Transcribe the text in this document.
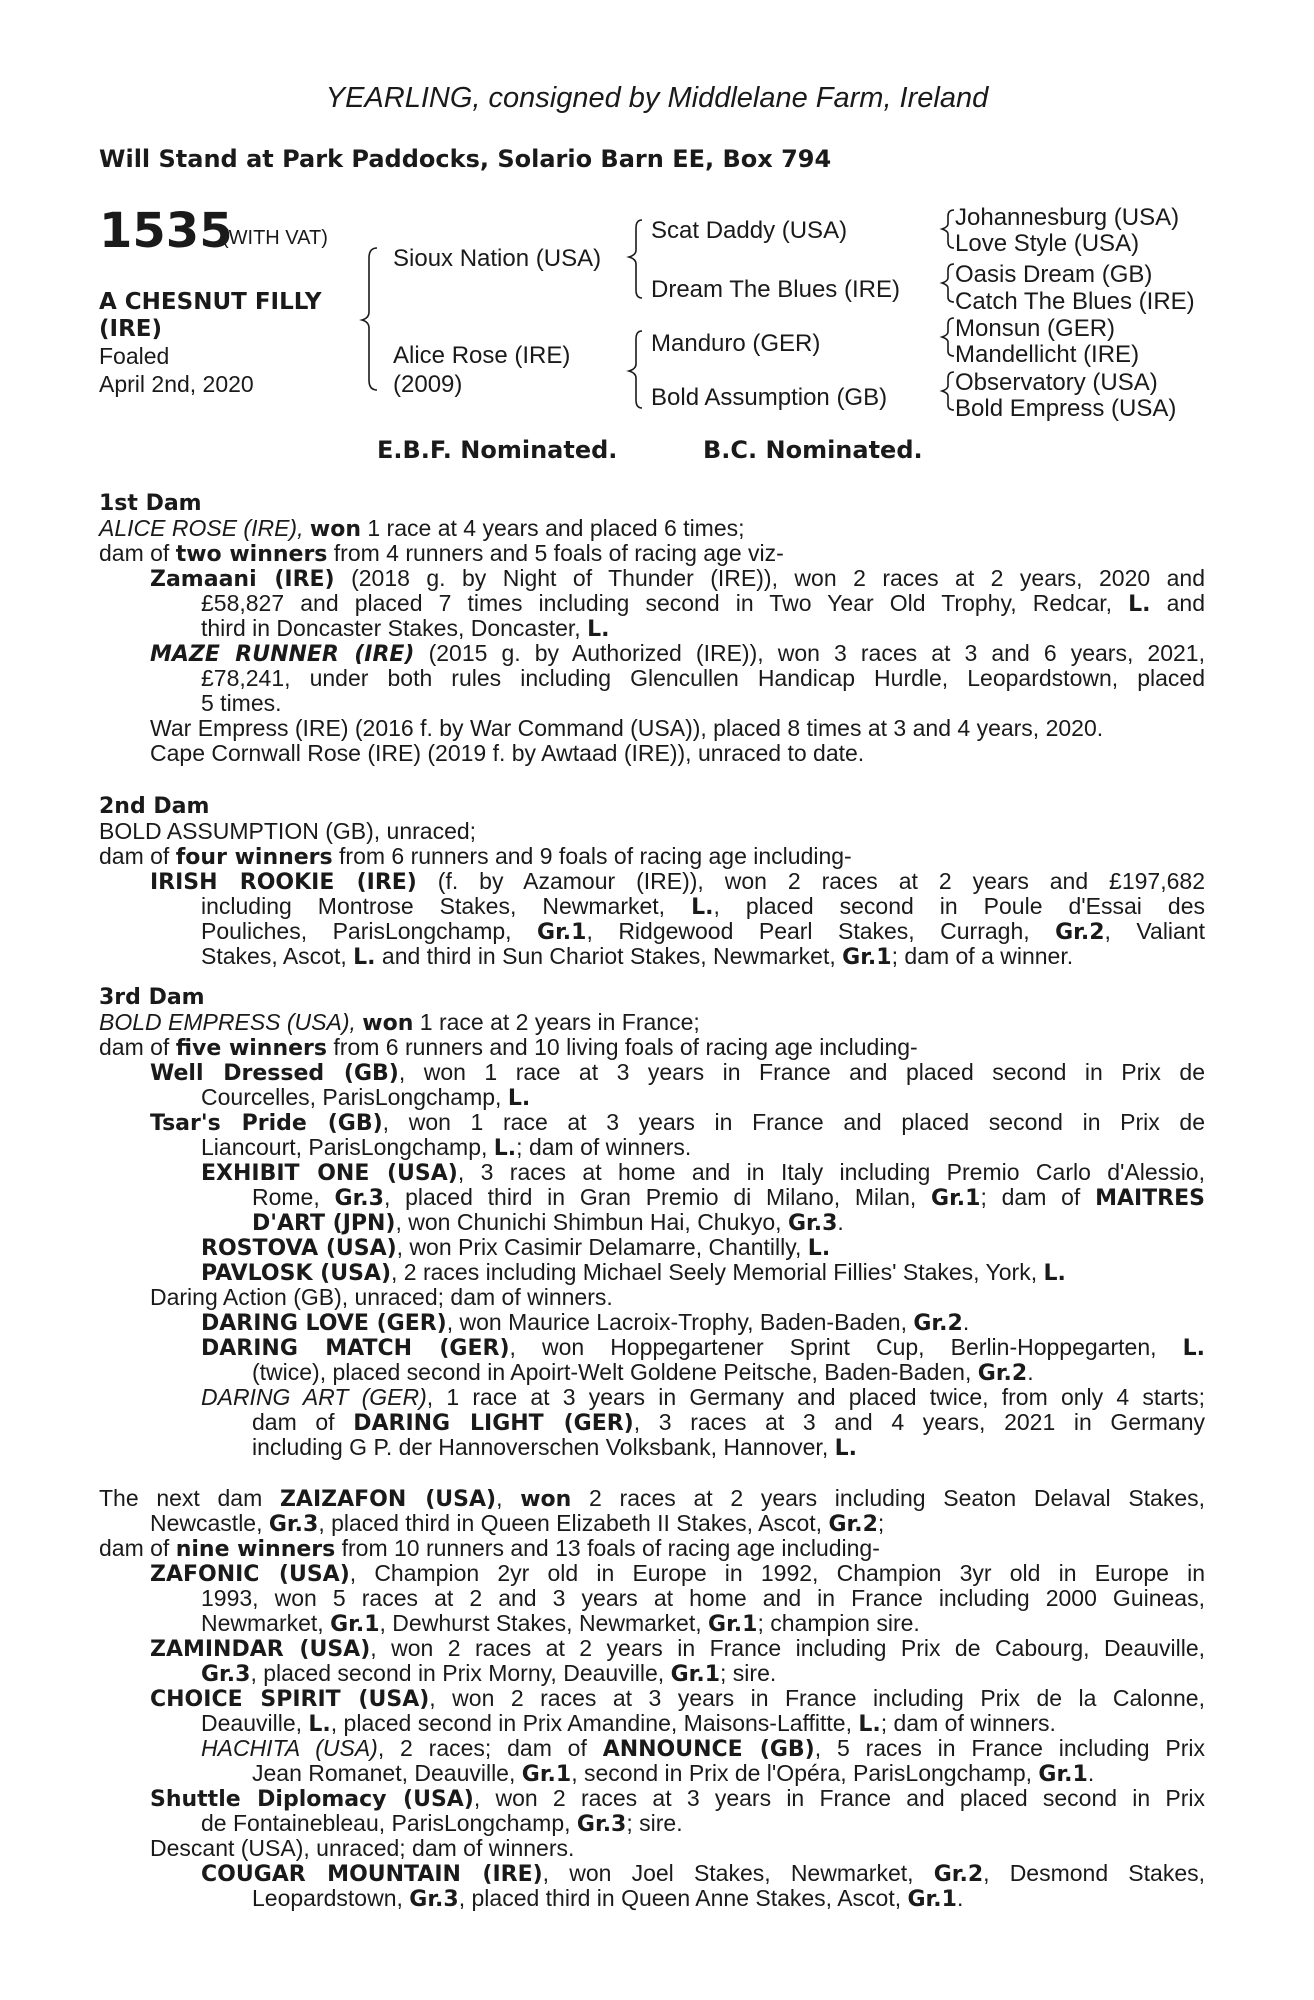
YEARLING, consigned by Middlelane Farm, Ireland
Will Stand at Park Paddocks, Solario Barn EE, Box 794
1535
(WITH VAT)
A CHESNUT FILLY
(IRE)
Foaled
April 2nd, 2020
Sioux Nation (USA)
Alice Rose (IRE)
(2009)
Scat Daddy (USA)
Dream The Blues (IRE)
Manduro (GER)
Bold Assumption (GB)
Johannesburg (USA)
Love Style (USA)
Oasis Dream (GB)
Catch The Blues (IRE)
Monsun (GER)
Mandellicht (IRE)
Observatory (USA)
Bold Empress (USA)
E.B.F. Nominated.	B.C. Nominated.
1st Dam
ALICE ROSE (IRE), won 1 race at 4 years and placed 6 times;
dam of two winners from 4 runners and 5 foals of racing age viz-
Zamaani (IRE) (2018 g. by Night of Thunder (IRE)), won 2 races at 2 years, 2020 and
£58,827 and placed 7 times including second in Two Year Old Trophy, Redcar, L. and
third in Doncaster Stakes, Doncaster, L.
MAZE RUNNER (IRE) (2015 g. by Authorized (IRE)), won 3 races at 3 and 6 years, 2021,
£78,241, under both rules including Glencullen Handicap Hurdle, Leopardstown, placed
5 times.
War Empress (IRE) (2016 f. by War Command (USA)), placed 8 times at 3 and 4 years, 2020.
Cape Cornwall Rose (IRE) (2019 f. by Awtaad (IRE)), unraced to date.
2nd Dam
BOLD ASSUMPTION (GB), unraced;
dam of four winners from 6 runners and 9 foals of racing age including-
IRISH ROOKIE (IRE) (f. by Azamour (IRE)), won 2 races at 2 years and £197,682
including Montrose Stakes, Newmarket, L., placed second in Poule d'Essai des
Pouliches, ParisLongchamp, Gr.1, Ridgewood Pearl Stakes, Curragh, Gr.2, Valiant
Stakes, Ascot, L. and third in Sun Chariot Stakes, Newmarket, Gr.1; dam of a winner.
3rd Dam
BOLD EMPRESS (USA), won 1 race at 2 years in France;
dam of five winners from 6 runners and 10 living foals of racing age including-
Well Dressed (GB), won 1 race at 3 years in France and placed second in Prix de
Courcelles, ParisLongchamp, L.
Tsar's Pride (GB), won 1 race at 3 years in France and placed second in Prix de
Liancourt, ParisLongchamp, L.; dam of winners.
EXHIBIT ONE (USA), 3 races at home and in Italy including Premio Carlo d'Alessio,
Rome, Gr.3, placed third in Gran Premio di Milano, Milan, Gr.1; dam of MAITRES
D'ART (JPN), won Chunichi Shimbun Hai, Chukyo, Gr.3.
ROSTOVA (USA), won Prix Casimir Delamarre, Chantilly, L.
PAVLOSK (USA), 2 races including Michael Seely Memorial Fillies' Stakes, York, L.
Daring Action (GB), unraced; dam of winners.
DARING LOVE (GER), won Maurice Lacroix-Trophy, Baden-Baden, Gr.2.
DARING MATCH (GER), won Hoppegartener Sprint Cup, Berlin-Hoppegarten, L.
(twice), placed second in Apoirt-Welt Goldene Peitsche, Baden-Baden, Gr.2.
DARING ART (GER), 1 race at 3 years in Germany and placed twice, from only 4 starts;
dam of DARING LIGHT (GER), 3 races at 3 and 4 years, 2021 in Germany
including G P. der Hannoverschen Volksbank, Hannover, L.
The next dam ZAIZAFON (USA), won 2 races at 2 years including Seaton Delaval Stakes,
Newcastle, Gr.3, placed third in Queen Elizabeth II Stakes, Ascot, Gr.2;
dam of nine winners from 10 runners and 13 foals of racing age including-
ZAFONIC (USA), Champion 2yr old in Europe in 1992, Champion 3yr old in Europe in
1993, won 5 races at 2 and 3 years at home and in France including 2000 Guineas,
Newmarket, Gr.1, Dewhurst Stakes, Newmarket, Gr.1; champion sire.
ZAMINDAR (USA), won 2 races at 2 years in France including Prix de Cabourg, Deauville,
Gr.3, placed second in Prix Morny, Deauville, Gr.1; sire.
CHOICE SPIRIT (USA), won 2 races at 3 years in France including Prix de la Calonne,
Deauville, L., placed second in Prix Amandine, Maisons-Laffitte, L.; dam of winners.
HACHITA (USA), 2 races; dam of ANNOUNCE (GB), 5 races in France including Prix
Jean Romanet, Deauville, Gr.1, second in Prix de l'Opéra, ParisLongchamp, Gr.1.
Shuttle Diplomacy (USA), won 2 races at 3 years in France and placed second in Prix
de Fontainebleau, ParisLongchamp, Gr.3; sire.
Descant (USA), unraced; dam of winners.
COUGAR MOUNTAIN (IRE), won Joel Stakes, Newmarket, Gr.2, Desmond Stakes,
Leopardstown, Gr.3, placed third in Queen Anne Stakes, Ascot, Gr.1.
